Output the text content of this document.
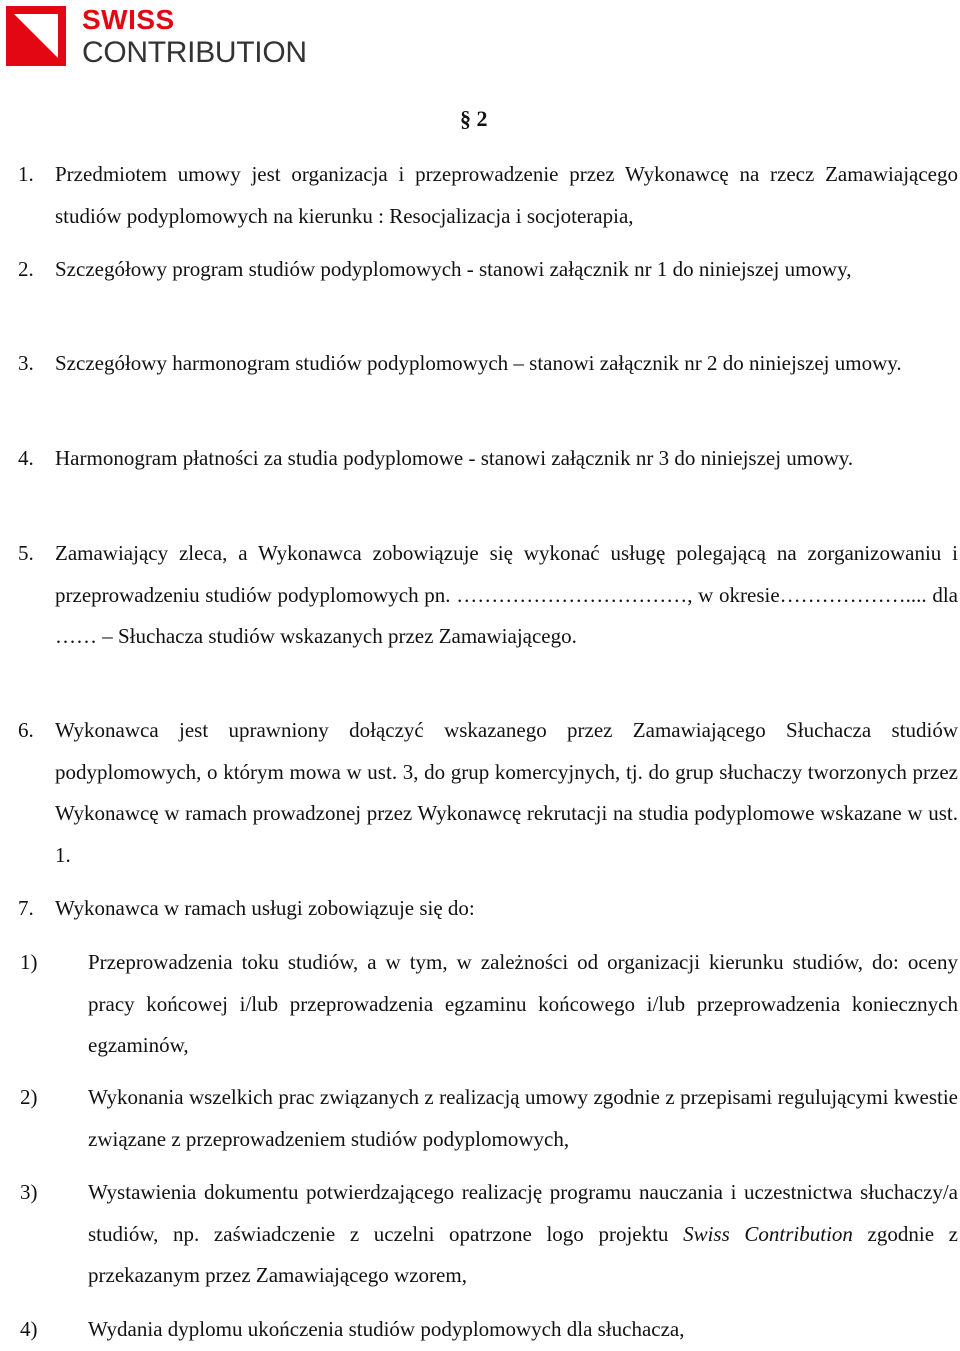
SWISS
CONTRIBUTION
§ 2
1. Przedmiotem umowy jest organizacja i przeprowadzenie przez Wykonawcę na rzecz Zamawiającego studiów podyplomowych na kierunku : Resocjalizacja i socjoterapia,
2. Szczegółowy program studiów podyplomowych - stanowi załącznik nr 1 do niniejszej umowy,
3. Szczegółowy harmonogram studiów podyplomowych – stanowi załącznik nr 2 do niniejszej umowy.
4. Harmonogram płatności za studia podyplomowe - stanowi załącznik nr 3 do niniejszej umowy.
5. Zamawiający zleca, a Wykonawca zobowiązuje się wykonać usługę polegającą na zorganizowaniu i przeprowadzeniu studiów podyplomowych pn. ……………………………, w okresie……………….... dla …… – Słuchacza studiów wskazanych przez Zamawiającego.
6. Wykonawca jest uprawniony dołączyć wskazanego przez Zamawiającego Słuchacza studiów podyplomowych, o którym mowa w ust. 3, do grup komercyjnych, tj. do grup słuchaczy tworzonych przez Wykonawcę w ramach prowadzonej przez Wykonawcę rekrutacji na studia podyplomowe wskazane w ust. 1.
7. Wykonawca w ramach usługi zobowiązuje się do:
1) Przeprowadzenia toku studiów, a w tym, w zależności od organizacji kierunku studiów, do: oceny pracy końcowej i/lub przeprowadzenia egzaminu końcowego i/lub przeprowadzenia koniecznych egzaminów,
2) Wykonania wszelkich prac związanych z realizacją umowy zgodnie z przepisami regulującymi kwestie związane z przeprowadzeniem studiów podyplomowych,
3) Wystawienia dokumentu potwierdzającego realizację programu nauczania i uczestnictwa słuchaczy/a studiów, np. zaświadczenie z uczelni opatrzone logo projektu Swiss Contribution zgodnie z przekazanym przez Zamawiającego wzorem,
4) Wydania dyplomu ukończenia studiów podyplomowych dla słuchacza,
